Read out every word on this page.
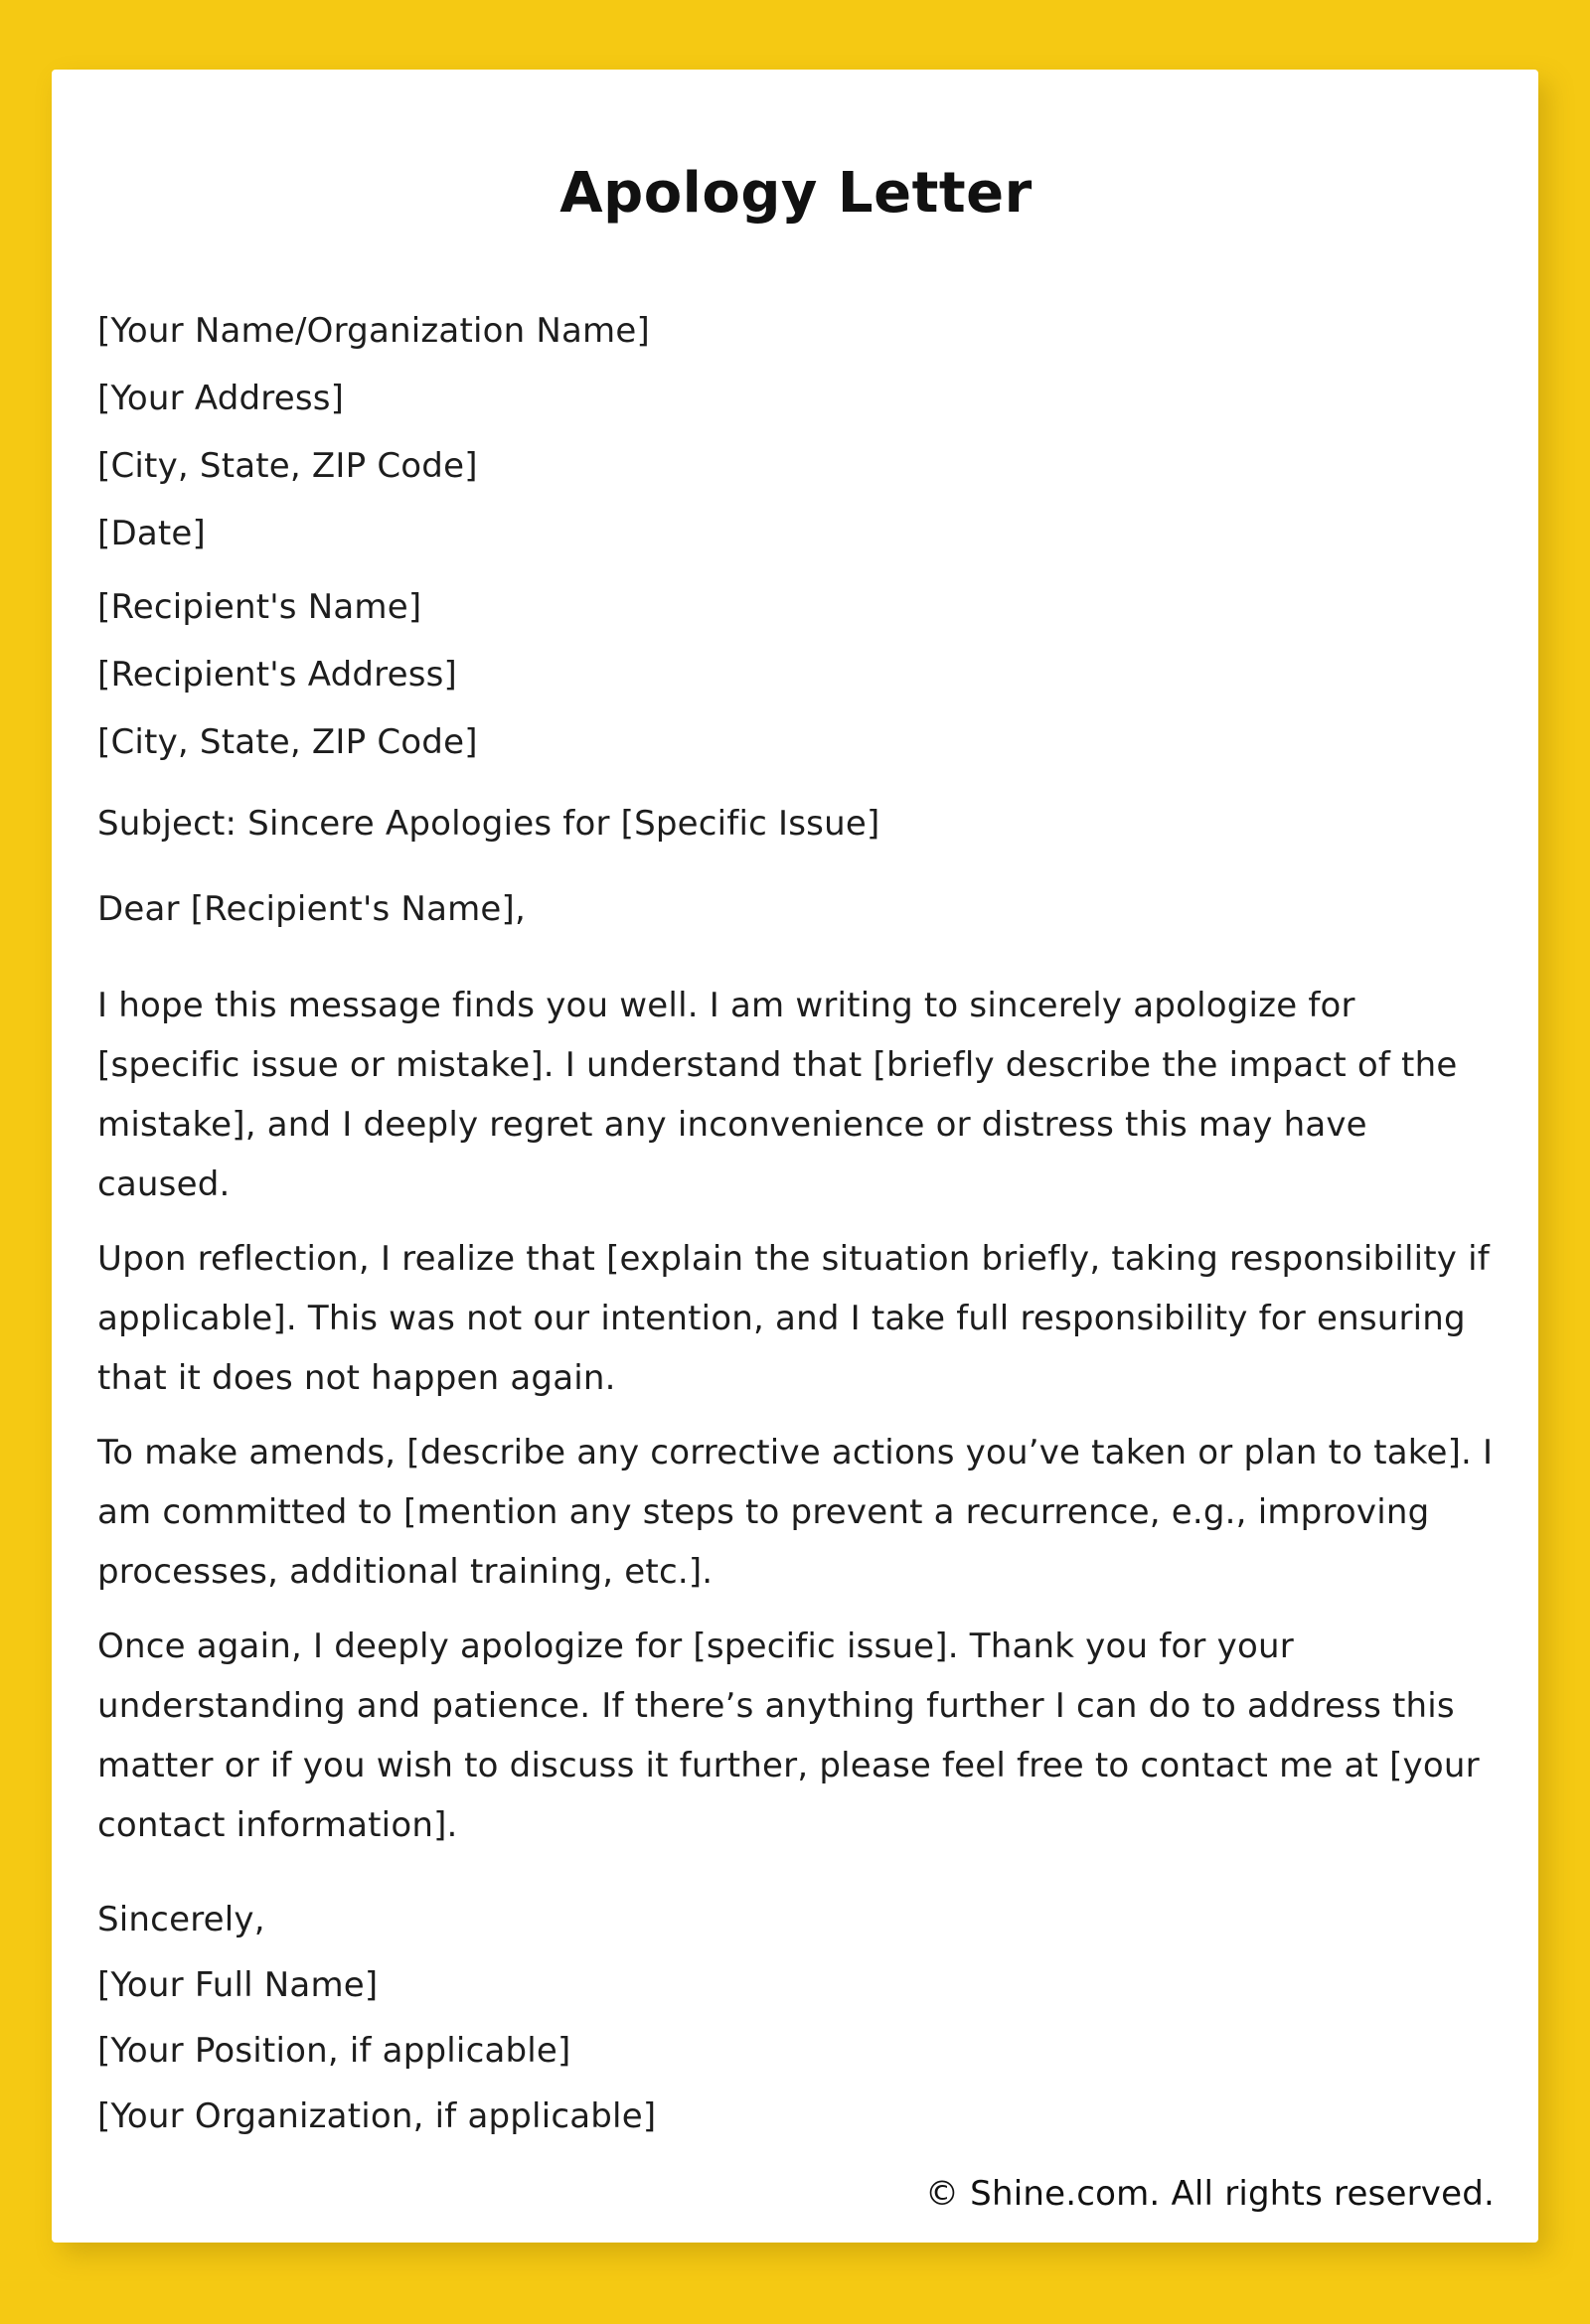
Apology Letter

[Your Name/Organization Name]

[Your Address]

[City, State, ZIP Code]

[Date]

[Recipient's Name]

[Recipient's Address]

[City, State, ZIP Code]

Subject: Sincere Apologies for [Specific Issue]

Dear [Recipient's Name],

I hope this message finds you well. I am writing to sincerely apologize for [specific issue or mistake]. I understand that [briefly describe the impact of the mistake], and I deeply regret any inconvenience or distress this may have caused.

Upon reflection, I realize that [explain the situation briefly, taking responsibility if applicable]. This was not our intention, and I take full responsibility for ensuring that it does not happen again.

To make amends, [describe any corrective actions you’ve taken or plan to take]. I am committed to [mention any steps to prevent a recurrence, e.g., improving processes, additional training, etc.].

Once again, I deeply apologize for [specific issue]. Thank you for your understanding and patience. If there’s anything further I can do to address this matter or if you wish to discuss it further, please feel free to contact me at [your contact information].

Sincerely,

[Your Full Name]

[Your Position, if applicable]

[Your Organization, if applicable]

© Shine.com. All rights reserved.
